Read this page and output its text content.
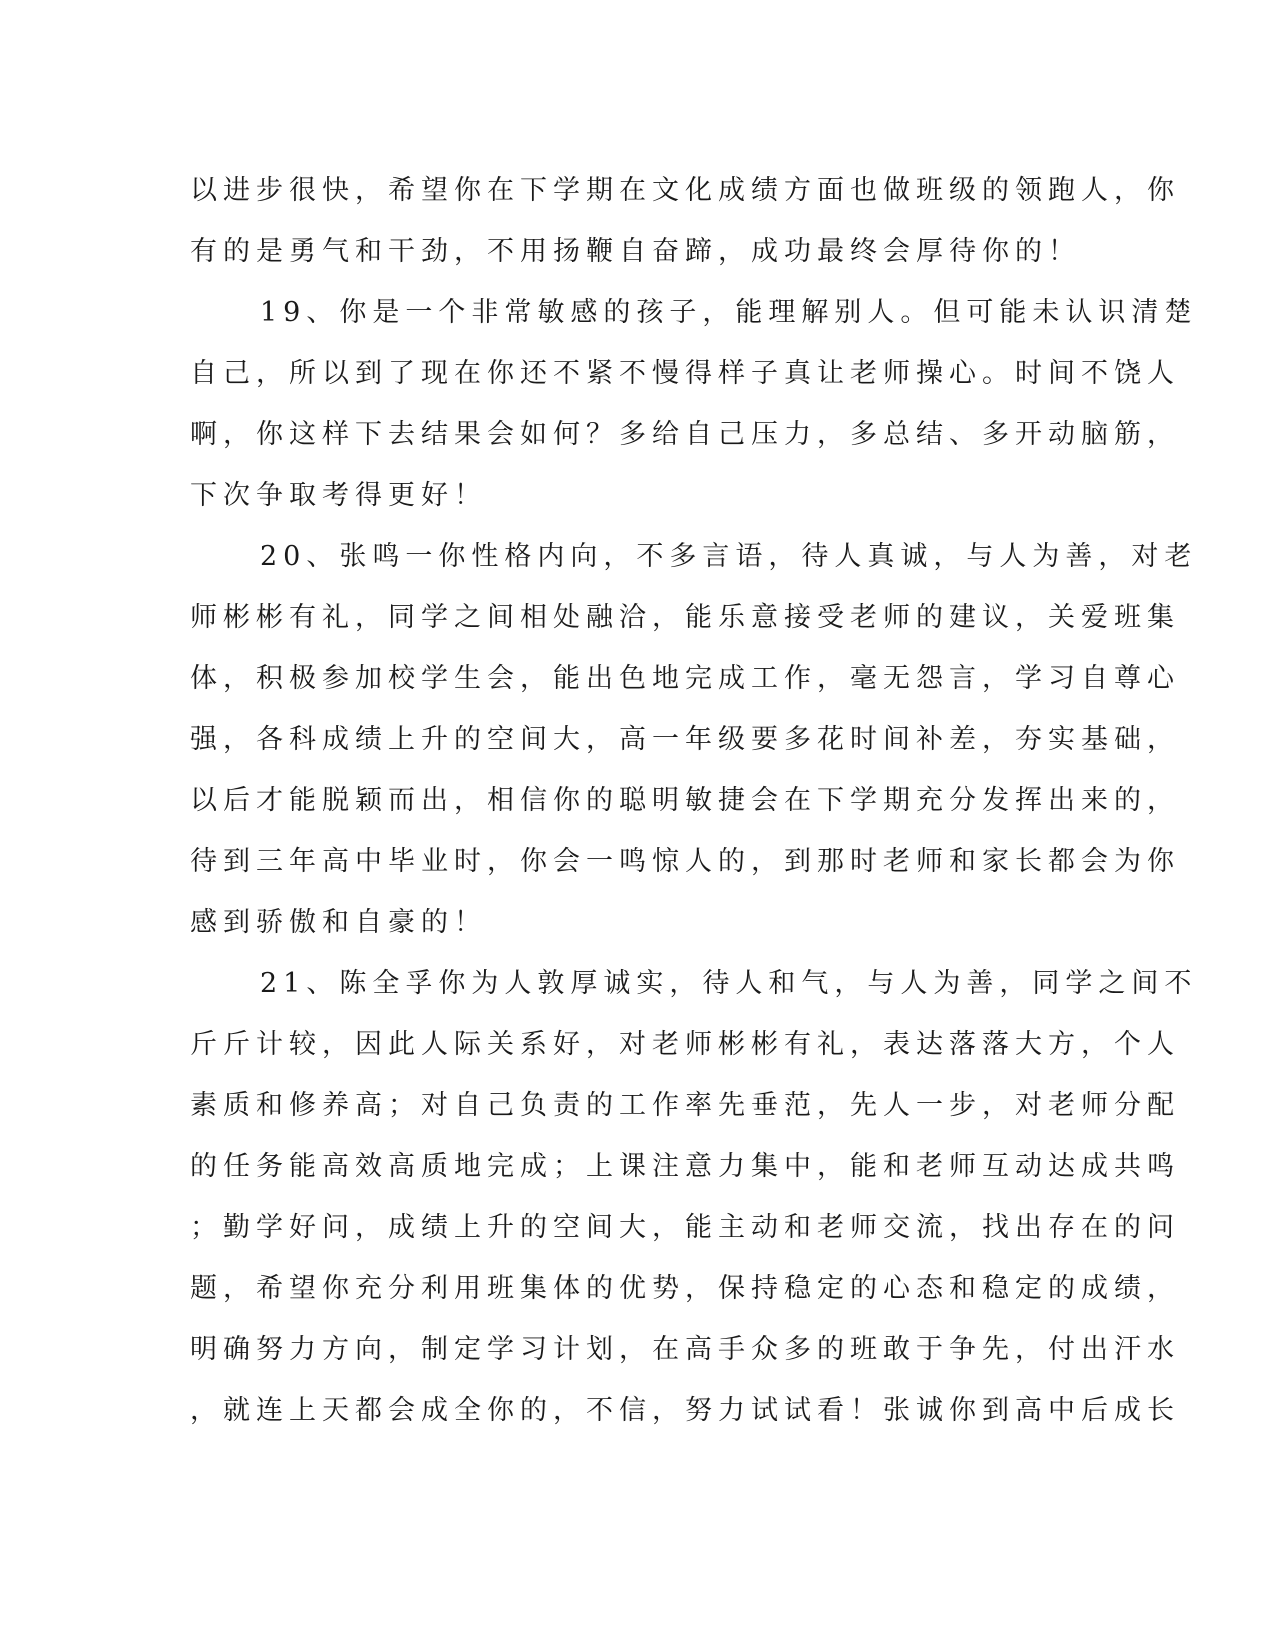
以进步很快，希望你在下学期在文化成绩方面也做班级的领跑人，你
有的是勇气和干劲，不用扬鞭自奋蹄，成功最终会厚待你的！
19、你是一个非常敏感的孩子，能理解别人。但可能未认识清楚
自己，所以到了现在你还不紧不慢得样子真让老师操心。时间不饶人
啊，你这样下去结果会如何？多给自己压力，多总结、多开动脑筋，
下次争取考得更好！
20、张鸣一你性格内向，不多言语，待人真诚，与人为善，对老
师彬彬有礼，同学之间相处融洽，能乐意接受老师的建议，关爱班集
体，积极参加校学生会，能出色地完成工作，毫无怨言，学习自尊心
强，各科成绩上升的空间大，高一年级要多花时间补差，夯实基础，
以后才能脱颖而出，相信你的聪明敏捷会在下学期充分发挥出来的，
待到三年高中毕业时，你会一鸣惊人的，到那时老师和家长都会为你
感到骄傲和自豪的！
21、陈全孚你为人敦厚诚实，待人和气，与人为善，同学之间不
斤斤计较，因此人际关系好，对老师彬彬有礼，表达落落大方，个人
素质和修养高；对自己负责的工作率先垂范，先人一步，对老师分配
的任务能高效高质地完成；上课注意力集中，能和老师互动达成共鸣
；勤学好问，成绩上升的空间大，能主动和老师交流，找出存在的问
题，希望你充分利用班集体的优势，保持稳定的心态和稳定的成绩，
明确努力方向，制定学习计划，在高手众多的班敢于争先，付出汗水
，就连上天都会成全你的，不信，努力试试看！张诚你到高中后成长
